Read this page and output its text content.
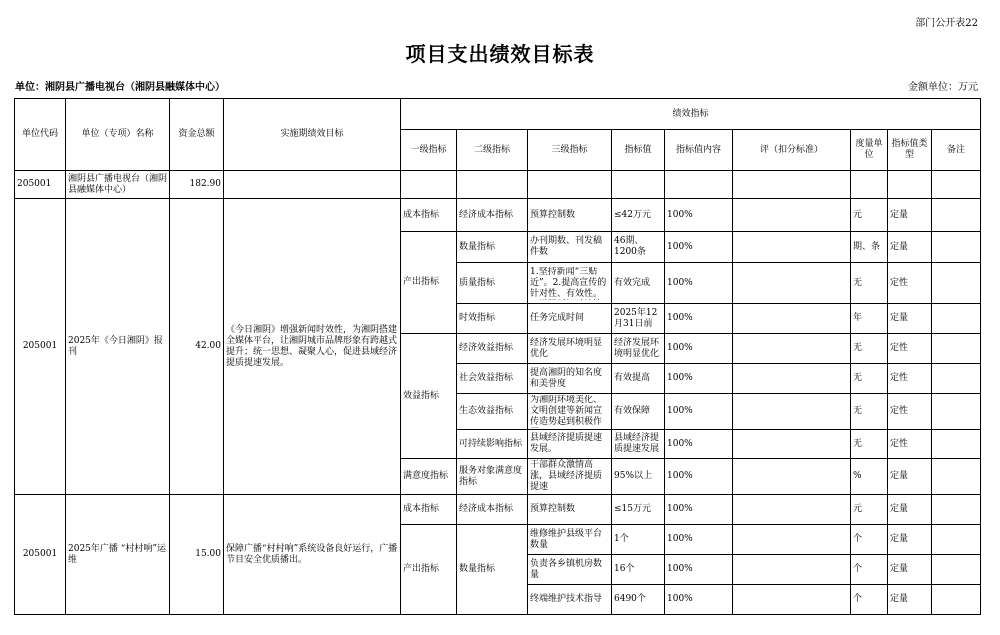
部门公开表22
项目支出绩效目标表
单位：湘阴县广播电视台（湘阴县融媒体中心）	金额单位：万元
单位代码	单位（专项）名称	资金总额	实施期绩效目标	绩效指标								
				一级指标	二级指标	三级指标	指标值	指标值内容	评（扣分标准）	度量单位	指标值类型	备注
205001	湘阴县广播电视台（湘阴县融媒体中心）	182.90										
205001	2025年《今日湘阴》报刊	42.00	《今日湘阴》增强新闻时效性，为湘阴搭建全媒体平台，让湘阴城市品牌形象有跨越式提升；统一思想、凝聚人心，促进县域经济提质提速发展。	成本指标	经济成本指标	预算控制数	≤42万元	100%		元	定量	
				产出指标	数量指标	办刊期数、刊发稿件数	46期、1200条	100%		期、条	定量	
					质量指标	1.坚持新闻“三贴近”。2.提高宣传的针对性、有效性。	有效完成	100%		无	定性	
					时效指标	任务完成时间	2025年12月31日前	100%		年	定量	
				效益指标	经济效益指标	经济发展环境明显优化	经济发展环境明显优化	100%		无	定性	
					社会效益指标	提高湘阴的知名度和美誉度	有效提高	100%		无	定性	
					生态效益指标	为湘阴环境美化、文明创建等新闻宣传造势起到积极作	有效保障	100%		无	定性	
					可持续影响指标	县域经济提质提速发展。	县域经济提质提速发展	100%		无	定性	
				满意度指标	服务对象满意度指标	干部群众激情高涨，县域经济提质提速	95%以上	100%		%	定量	
205001	2025年广播 “村村响”运维	15.00	保障广播“村村响”系统设备良好运行，广播节目安全优质播出。	成本指标	经济成本指标	预算控制数	≤15万元	100%		元	定量	
				产出指标	数量指标	维修维护县级平台数量	1个	100%		个	定量	
						负责各乡镇机房数量	16个	100%		个	定量	
						终端维护技术指导	6490个	100%		个	定量	
